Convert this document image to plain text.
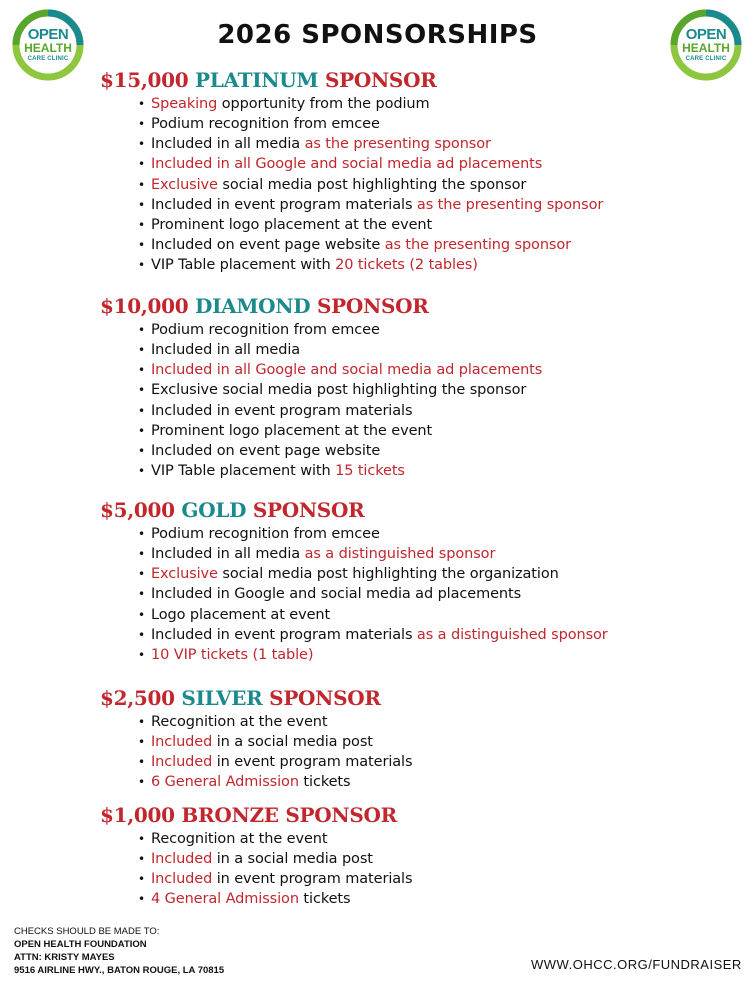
OPEN
HEALTH
CARE CLINIC
OPEN
HEALTH
CARE CLINIC
2026 SPONSORSHIPS
$15,000 PLATINUM SPONSOR
• Speaking opportunity from the podium
• Podium recognition from emcee
• Included in all media as the presenting sponsor
• Included in all Google and social media ad placements
• Exclusive social media post highlighting the sponsor
• Included in event program materials as the presenting sponsor
• Prominent logo placement at the event
• Included on event page website as the presenting sponsor
• VIP Table placement with 20 tickets (2 tables)
$10,000 DIAMOND SPONSOR
• Podium recognition from emcee
• Included in all media
• Included in all Google and social media ad placements
• Exclusive social media post highlighting the sponsor
• Included in event program materials
• Prominent logo placement at the event
• Included on event page website
• VIP Table placement with 15 tickets
$5,000 GOLD SPONSOR
• Podium recognition from emcee
• Included in all media as a distinguished sponsor
• Exclusive social media post highlighting the organization
• Included in Google and social media ad placements
• Logo placement at event
• Included in event program materials as a distinguished sponsor
• 10 VIP tickets (1 table)
$2,500 SILVER SPONSOR
• Recognition at the event
• Included in a social media post
• Included in event program materials
• 6 General Admission tickets
$1,000 BRONZE SPONSOR
• Recognition at the event
• Included in a social media post
• Included in event program materials
• 4 General Admission tickets
CHECKS SHOULD BE MADE TO:
OPEN HEALTH FOUNDATION
ATTN: KRISTY MAYES
9516 AIRLINE HWY., BATON ROUGE, LA 70815	WWW.OHCC.ORG/FUNDRAISER
